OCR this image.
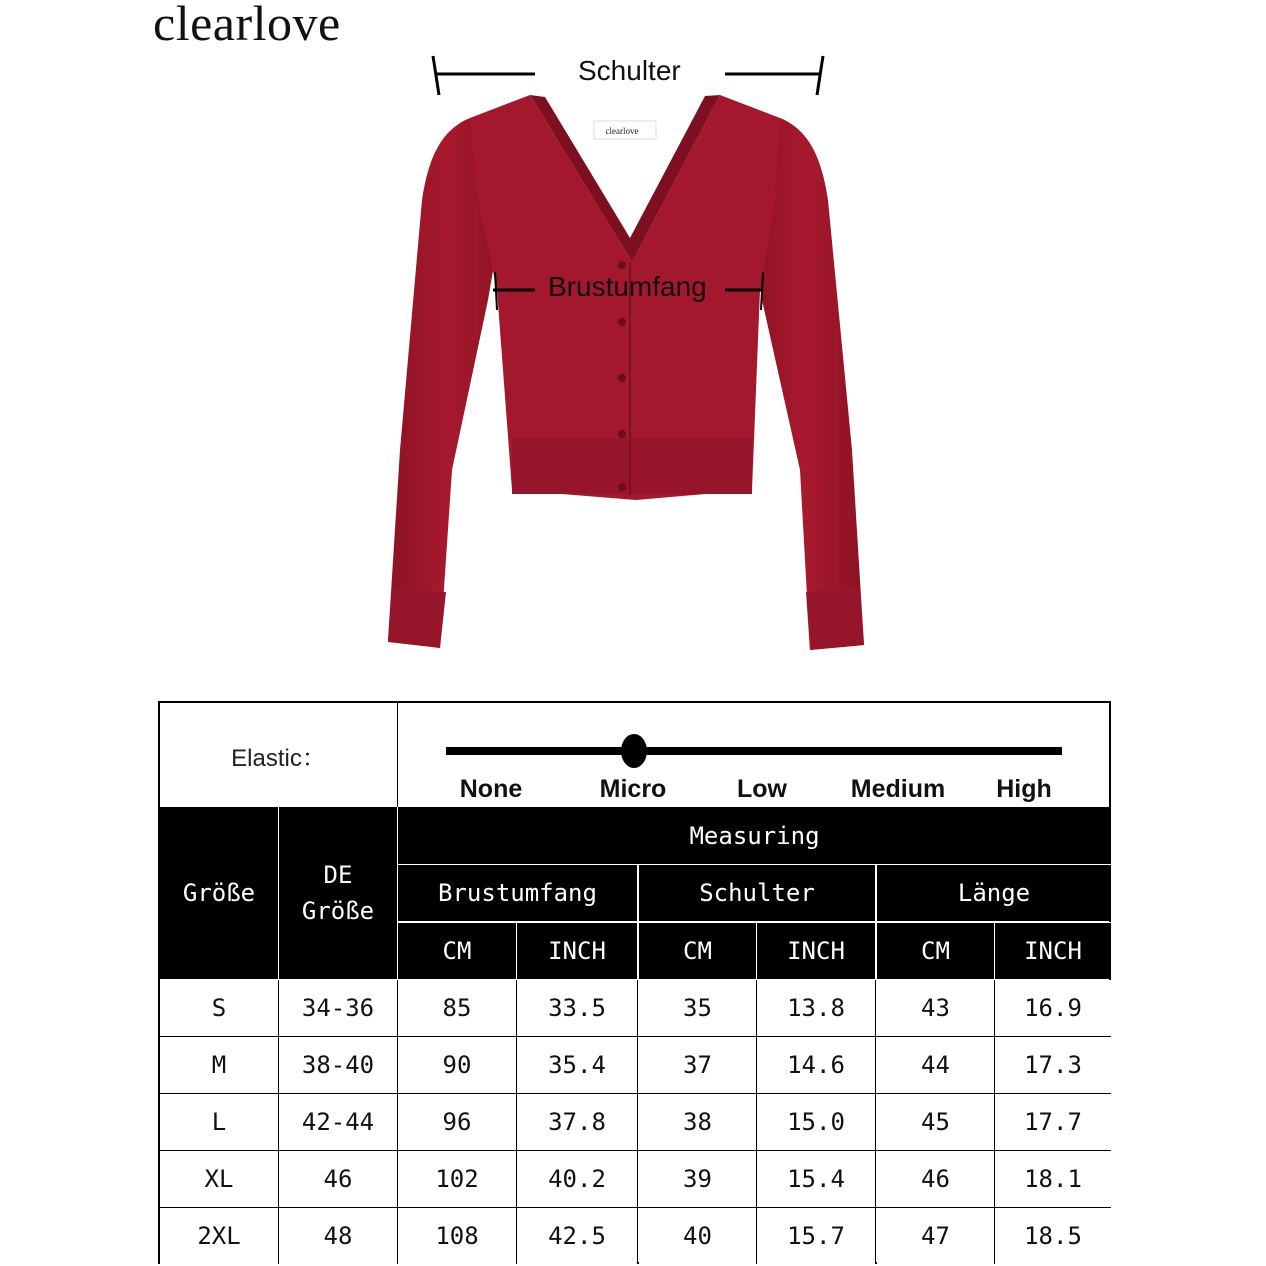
clearlove
clearlove
Schulter
Brustumfang
Elastic：
None	Micro	Low	Medium High
Größe
DE Größe
Measuring
Brustumfang	Schulter	Länge
CM	INCH	CM	INCH	CM	INCH
S	34-36	85	33.5	35	13.8	43	16.9
M	38-40	90	35.4	37	14.6	44	17.3
L	42-44	96	37.8	38	15.0	45	17.7
XL	46	102	40.2	39	15.4	46	18.1
2XL	48	108	42.5	40	15.7	47	18.5
